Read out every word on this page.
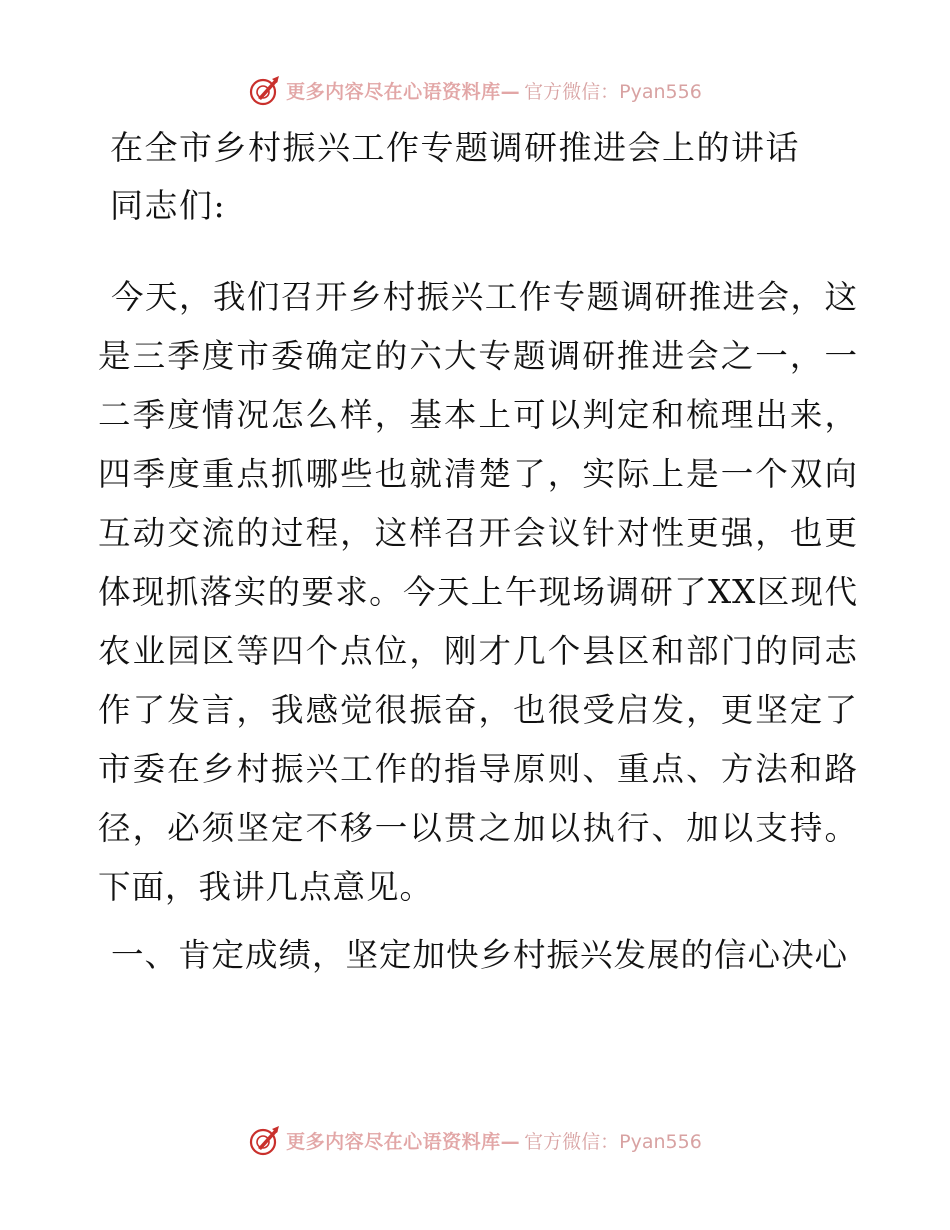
更多内容尽在心语资料库— 官方微信：Pyan556
在全市乡村振兴工作专题调研推进会上的讲话
同志们:

今天，我们召开乡村振兴工作专题调研推进会，这是三季度市委确定的六大专题调研推进会之一，一二季度情况怎么样，基本上可以判定和梳理出来，四季度重点抓哪些也就清楚了，实际上是一个双向互动交流的过程，这样召开会议针对性更强，也更体现抓落实的要求。今天上午现场调研了XX区现代农业园区等四个点位，刚才几个县区和部门的同志作了发言，我感觉很振奋，也很受启发，更坚定了市委在乡村振兴工作的指导原则、重点、方法和路径，必须坚定不移一以贯之加以执行、加以支持。下面，我讲几点意见。

一、肯定成绩，坚定加快乡村振兴发展的信心决心

更多内容尽在心语资料库— 官方微信：Pyan556
